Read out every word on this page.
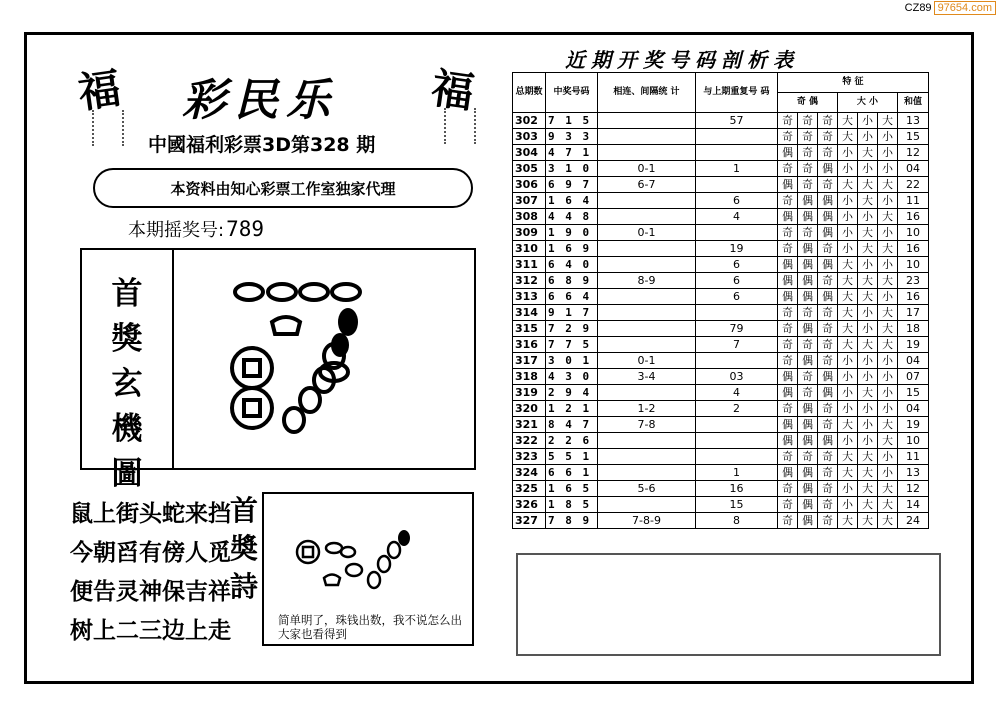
CZ89 97654.com
福	福
彩民乐
中國福利彩票3D第328 期
本资料由知心彩票工作室独家代理
本期摇奖号:789
首
獎
玄
機
圖
鼠上街头蛇来挡
今朝舀有傍人觅
便告灵神保吉祥
树上二三边上走
首
奬
詩
简单明了，珠钱出数，我不说怎么出大家也看得到
近期开奖号码剖析表
总期数	中奖号码	相连、间隔统 计	与上期重复号 码	特 征						
				奇 偶			大 小			和值
302	7 1 5		57	奇	奇	奇	大	小	大	13
303	9 3 3			奇	奇	奇	大	小	小	15
304	4 7 1			偶	奇	奇	小	大	小	12
305	3 1 0	0-1	1	奇	奇	偶	小	小	小	04
306	6 9 7	6-7		偶	奇	奇	大	大	大	22
307	1 6 4		6	奇	偶	偶	小	大	小	11
308	4 4 8		4	偶	偶	偶	小	小	大	16
309	1 9 0	0-1		奇	奇	偶	小	大	小	10
310	1 6 9		19	奇	偶	奇	小	大	大	16
311	6 4 0		6	偶	偶	偶	大	小	小	10
312	6 8 9	8-9	6	偶	偶	奇	大	大	大	23
313	6 6 4		6	偶	偶	偶	大	大	小	16
314	9 1 7			奇	奇	奇	大	小	大	17
315	7 2 9		79	奇	偶	奇	大	小	大	18
316	7 7 5		7	奇	奇	奇	大	大	大	19
317	3 0 1	0-1		奇	偶	奇	小	小	小	04
318	4 3 0	3-4	03	偶	奇	偶	小	小	小	07
319	2 9 4		4	偶	奇	偶	小	大	小	15
320	1 2 1	1-2	2	奇	偶	奇	小	小	小	04
321	8 4 7	7-8		偶	偶	奇	大	小	大	19
322	2 2 6			偶	偶	偶	小	小	大	10
323	5 5 1			奇	奇	奇	大	大	小	11
324	6 6 1		1	偶	偶	奇	大	大	小	13
325	1 6 5	5-6	16	奇	偶	奇	小	大	大	12
326	1 8 5		15	奇	偶	奇	小	大	大	14
327	7 8 9	7-8-9	8	奇	偶	奇	大	大	大	24
